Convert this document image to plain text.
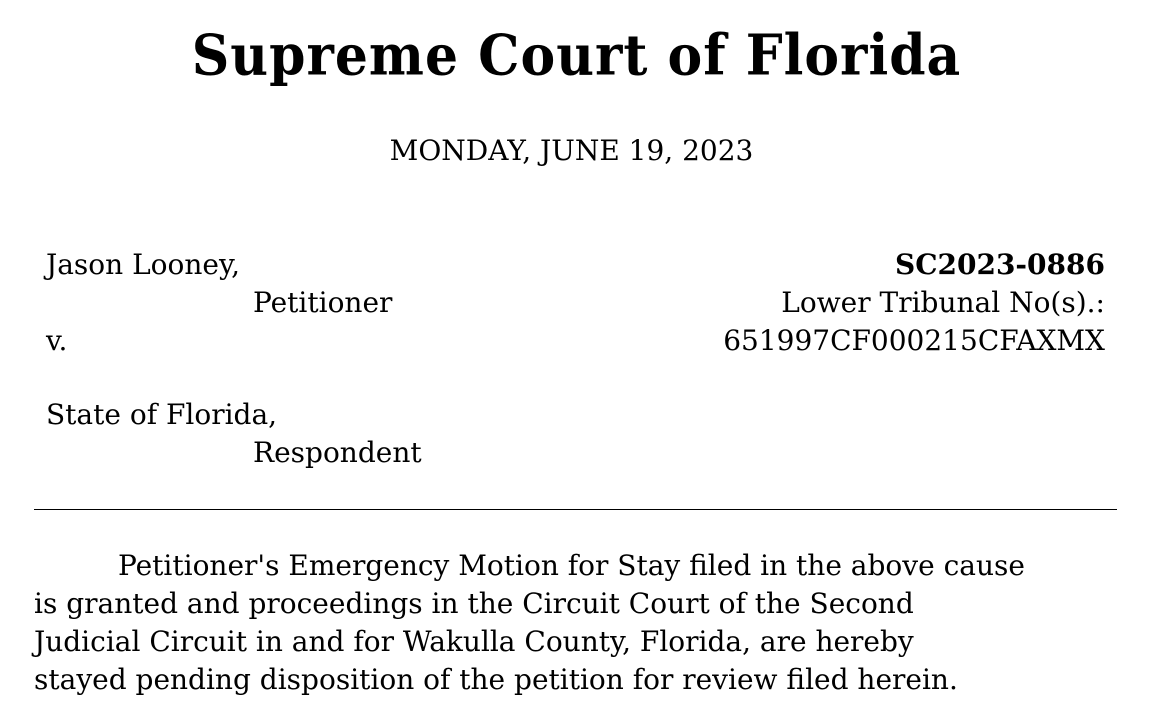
Supreme Court of Florida
MONDAY, JUNE 19, 2023
Jason Looney,
Petitioner
v.
State of Florida,
Respondent
SC2023-0886
Lower Tribunal No(s).:
651997CF000215CFAXMX

Petitioner's Emergency Motion for Stay filed in the above cause
is granted and proceedings in the Circuit Court of the Second
Judicial Circuit in and for Wakulla County, Florida, are hereby
stayed pending disposition of the petition for review filed herein.
